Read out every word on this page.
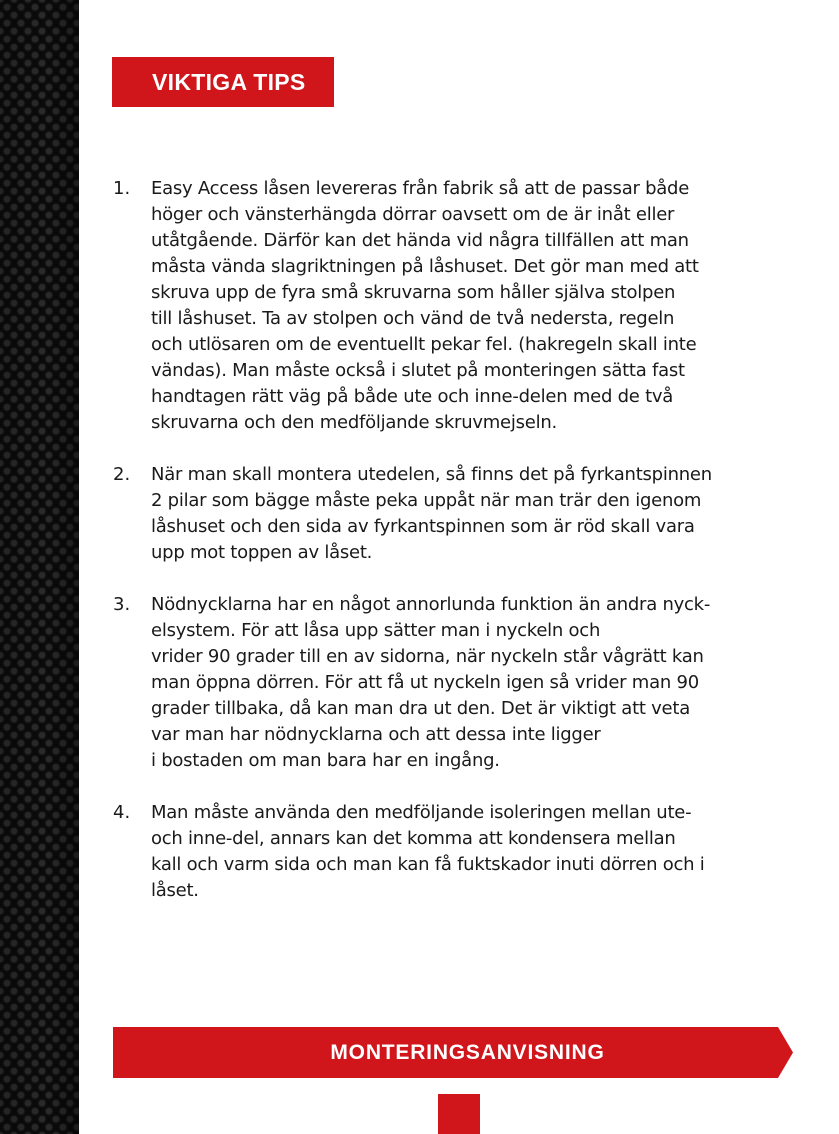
VIKTIGA TIPS
1. Easy Access låsen levereras från fabrik så att de passar både
höger och vänsterhängda dörrar oavsett om de är inåt eller
utåtgående. Därför kan det hända vid några tillfällen att man
måsta vända slagriktningen på låshuset. Det gör man med att
skruva upp de fyra små skruvarna som håller själva stolpen
till låshuset. Ta av stolpen och vänd de två nedersta, regeln
och utlösaren om de eventuellt pekar fel. (hakregeln skall inte
vändas). Man måste också i slutet på monteringen sätta fast
handtagen rätt väg på både ute och inne-delen med de två
skruvarna och den medföljande skruvmejseln.
2. När man skall montera utedelen, så finns det på fyrkantspinnen
2 pilar som bägge måste peka uppåt när man trär den igenom
låshuset och den sida av fyrkantspinnen som är röd skall vara
upp mot toppen av låset.
3. Nödnycklarna har en något annorlunda funktion än andra nyck-
elsystem. För att låsa upp sätter man i nyckeln och
vrider 90 grader till en av sidorna, när nyckeln står vågrätt kan
man öppna dörren. För att få ut nyckeln igen så vrider man 90
grader tillbaka, då kan man dra ut den. Det är viktigt att veta
var man har nödnycklarna och att dessa inte ligger
i bostaden om man bara har en ingång.
4. Man måste använda den medföljande isoleringen mellan ute-
och inne-del, annars kan det komma att kondensera mellan
kall och varm sida och man kan få fuktskador inuti dörren och i
låset.
MONTERINGSANVISNING
